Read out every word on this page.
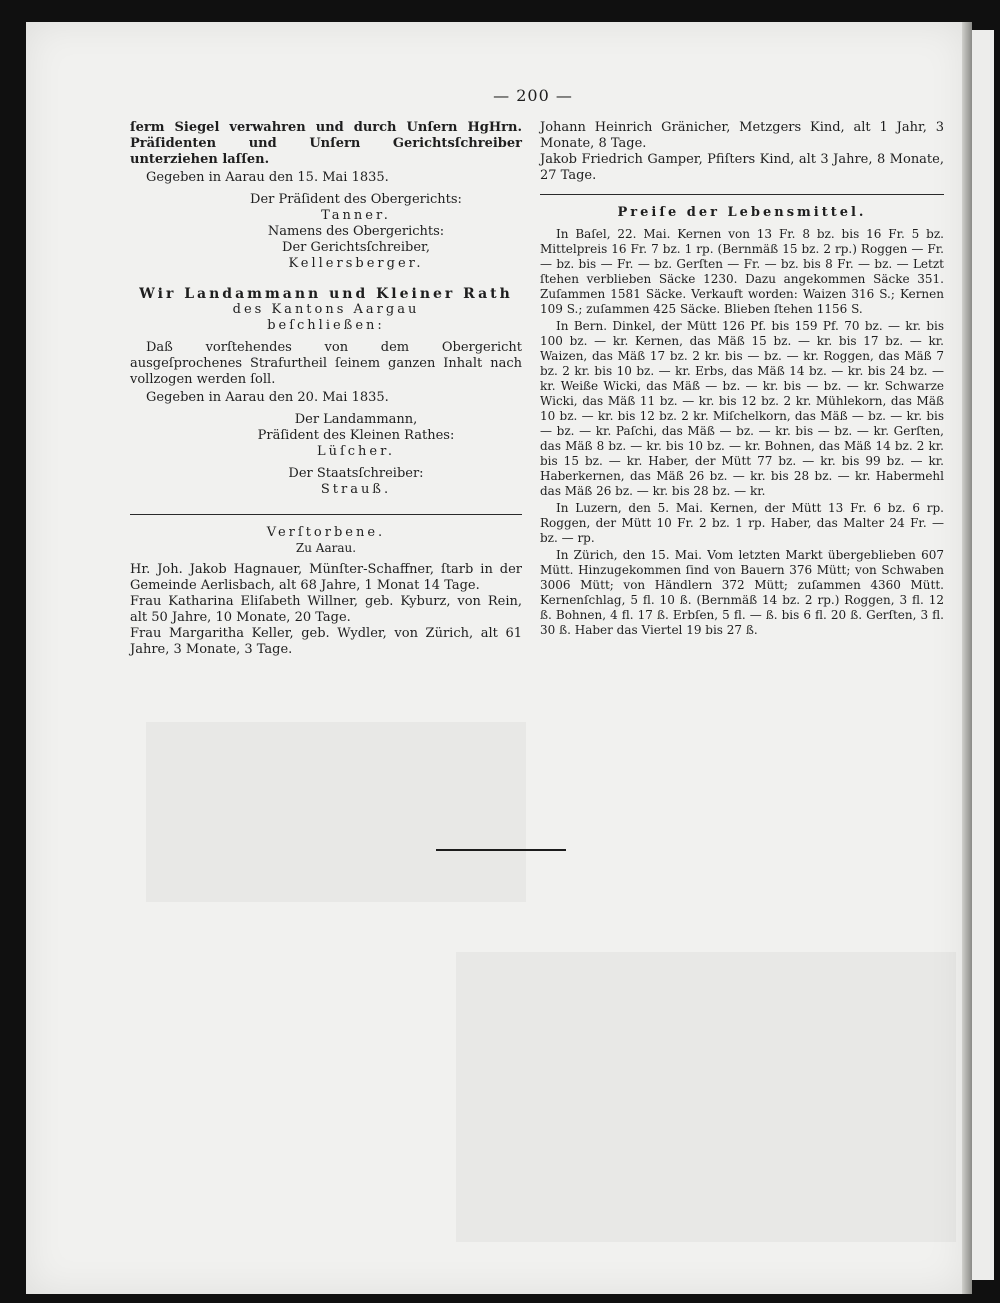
— 200 —

ſerm Siegel verwahren und durch Unſern HgHrn. Präſidenten und Unſern Gerichtsſchreiber unterziehen laſſen.

Gegeben in Aarau den 15. Mai 1835.

Der Präſident des Obergerichts:

Tanner.

Namens des Obergerichts:

Der Gerichtsſchreiber,

Kellersberger.

Wir Landammann und Kleiner Rath

des Kantons Aargau

beſchließen:

Daß vorſtehendes von dem Obergericht ausgeſprochenes Strafurtheil ſeinem ganzen Inhalt nach vollzogen werden ſoll.

Gegeben in Aarau den 20. Mai 1835.

Der Landammann,

Präſident des Kleinen Rathes:

Lüſcher.

Der Staatsſchreiber:

Strauß.

Verſtorbene.

Zu Aarau.

Hr. Joh. Jakob Hagnauer, Münſter-Schaffner, ſtarb in der Gemeinde Aerlisbach, alt 68 Jahre, 1 Monat 14 Tage.

Frau Katharina Eliſabeth Willner, geb. Kyburz, von Rein, alt 50 Jahre, 10 Monate, 20 Tage.

Frau Margaritha Keller, geb. Wydler, von Zürich, alt 61 Jahre, 3 Monate, 3 Tage.

Johann Heinrich Gränicher, Metzgers Kind, alt 1 Jahr, 3 Monate, 8 Tage.

Jakob Friedrich Gamper, Pfiſters Kind, alt 3 Jahre, 8 Monate, 27 Tage.

Preiſe der Lebensmittel.

In Baſel, 22. Mai. Kernen von 13 Fr. 8 bz. bis 16 Fr. 5 bz. Mittelpreis 16 Fr. 7 bz. 1 rp. (Bernmäß 15 bz. 2 rp.) Roggen — Fr. — bz. bis — Fr. — bz. Gerſten — Fr. — bz. bis 8 Fr. — bz. — Letzt ſtehen verblieben Säcke 1230. Dazu angekommen Säcke 351. Zuſammen 1581 Säcke. Verkauft worden: Waizen 316 S.; Kernen 109 S.; zuſammen 425 Säcke. Blieben ſtehen 1156 S.

In Bern. Dinkel, der Mütt 126 Pf. bis 159 Pf. 70 bz. — kr. bis 100 bz. — kr. Kernen, das Mäß 15 bz. — kr. bis 17 bz. — kr. Waizen, das Mäß 17 bz. 2 kr. bis — bz. — kr. Roggen, das Mäß 7 bz. 2 kr. bis 10 bz. — kr. Erbs, das Mäß 14 bz. — kr. bis 24 bz. — kr. Weiße Wicki, das Mäß — bz. — kr. bis — bz. — kr. Schwarze Wicki, das Mäß 11 bz. — kr. bis 12 bz. 2 kr. Mühlekorn, das Mäß 10 bz. — kr. bis 12 bz. 2 kr. Miſchelkorn, das Mäß — bz. — kr. bis — bz. — kr. Paſchi, das Mäß — bz. — kr. bis — bz. — kr. Gerſten, das Mäß 8 bz. — kr. bis 10 bz. — kr. Bohnen, das Mäß 14 bz. 2 kr. bis 15 bz. — kr. Haber, der Mütt 77 bz. — kr. bis 99 bz. — kr. Haberkernen, das Mäß 26 bz. — kr. bis 28 bz. — kr. Habermehl das Mäß 26 bz. — kr. bis 28 bz. — kr.

In Luzern, den 5. Mai. Kernen, der Mütt 13 Fr. 6 bz. 6 rp. Roggen, der Mütt 10 Fr. 2 bz. 1 rp. Haber, das Malter 24 Fr. — bz. — rp.

In Zürich, den 15. Mai. Vom letzten Markt übergeblieben 607 Mütt. Hinzugekommen ſind von Bauern 376 Mütt; von Schwaben 3006 Mütt; von Händlern 372 Mütt; zuſammen 4360 Mütt. Kernenſchlag, 5 fl. 10 ß. (Bernmäß 14 bz. 2 rp.) Roggen, 3 fl. 12 ß. Bohnen, 4 fl. 17 ß. Erbſen, 5 fl. — ß. bis 6 fl. 20 ß. Gerſten, 3 fl. 30 ß. Haber das Viertel 19 bis 27 ß.
